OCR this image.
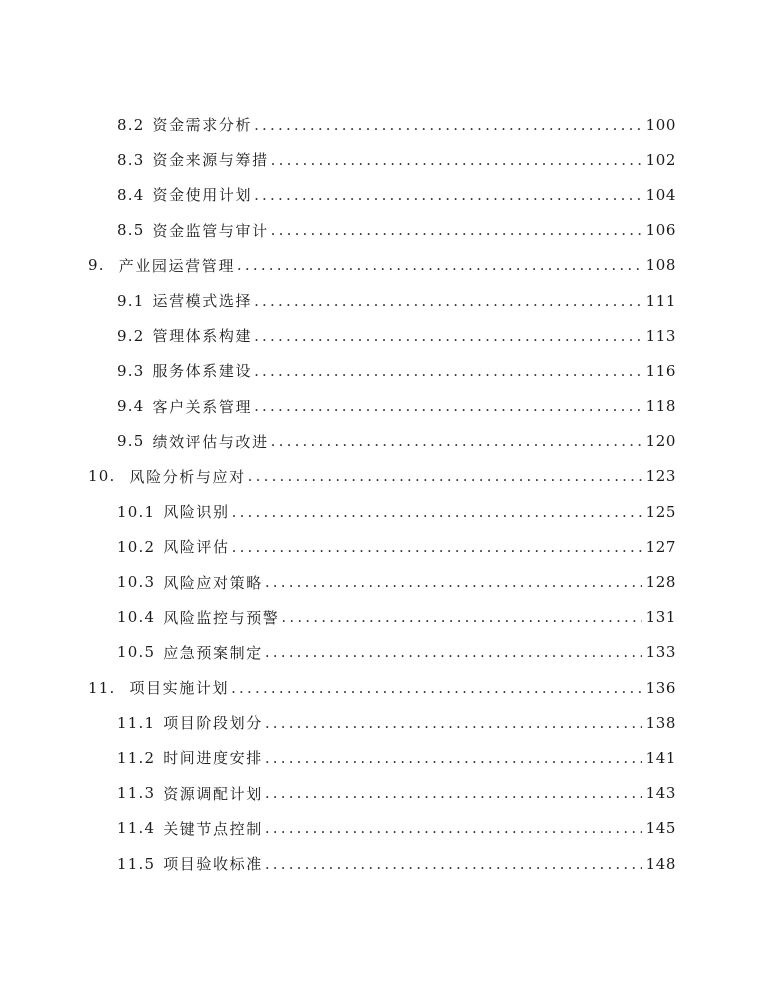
8.2 资金需求分析 .....	100
8.3 资金来源与筹措 .....	102
8.4 资金使用计划 .....	104
8.5 资金监管与审计 .....	106
9. 产业园运营管理 .....	108
9.1 运营模式选择 .....	111
9.2 管理体系构建 .....	113
9.3 服务体系建设 .....	116
9.4 客户关系管理 .....	118
9.5 绩效评估与改进 .....	120
10. 风险分析与应对 .....	123
10.1 风险识别 .....	125
10.2 风险评估 .....	127
10.3 风险应对策略 .....	128
10.4 风险监控与预警 .....	131
10.5 应急预案制定 .....	133
11. 项目实施计划 .....	136
11.1 项目阶段划分 .....	138
11.2 时间进度安排 .....	141
11.3 资源调配计划 .....	143
11.4 关键节点控制 .....	145
11.5 项目验收标准 .....	148
